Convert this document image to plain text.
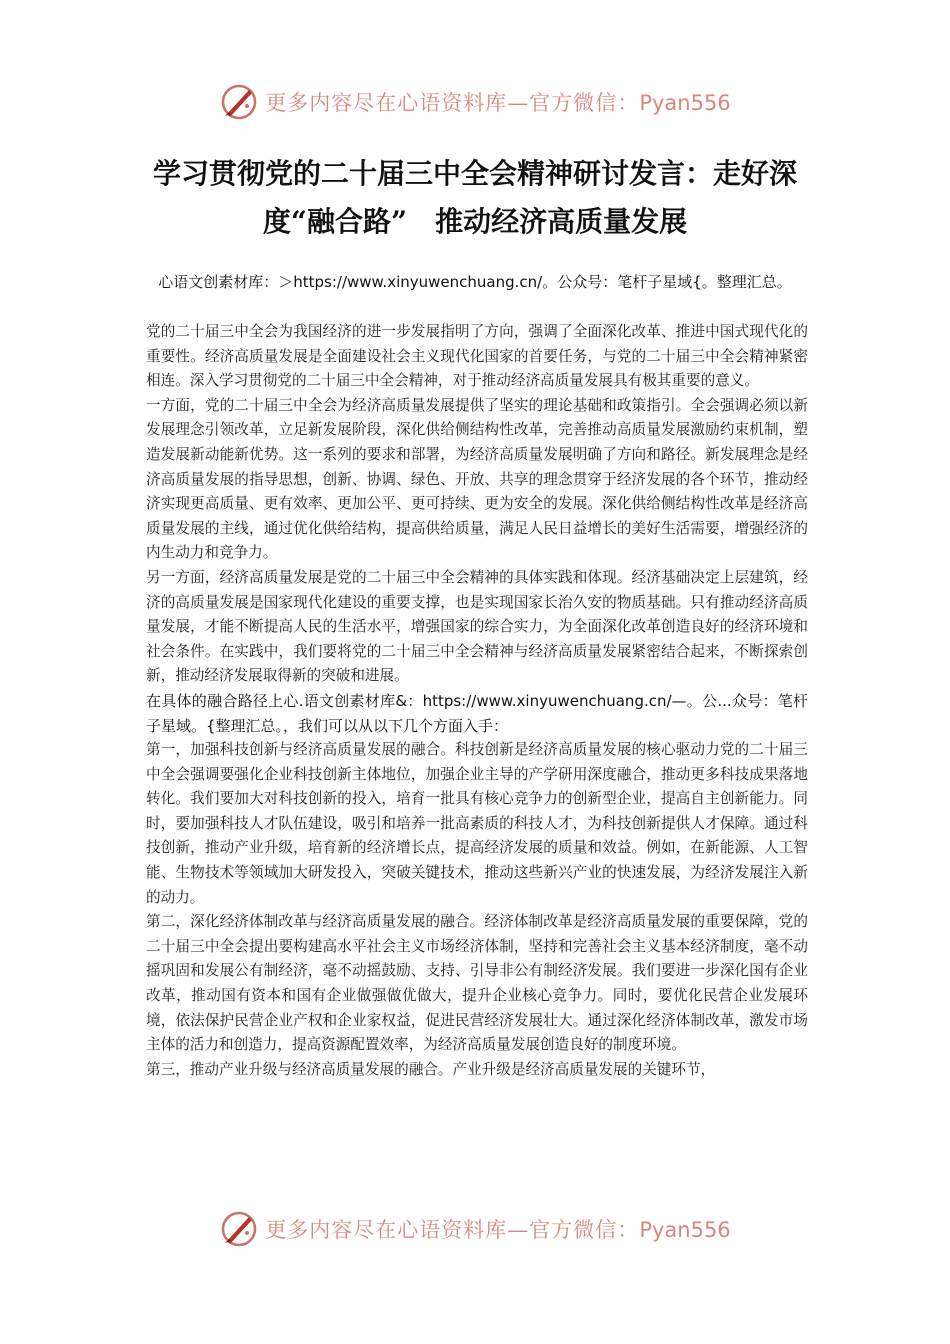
更多内容尽在心语资料库—官方微信：Pyan556
学习贯彻党的二十届三中全会精神研讨发言：走好深度“融合路”　推动经济高质量发展
心语文创素材库：＞https://www.xinyuwenchuang.cn/。公众号：笔杆子星域{。整理汇总。

党的二十届三中全会为我国经济的进一步发展指明了方向，强调了全面深化改革、推进中国式现代化的重要性。经济高质量发展是全面建设社会主义现代化国家的首要任务，与党的二十届三中全会精神紧密相连。深入学习贯彻党的二十届三中全会精神，对于推动经济高质量发展具有极其重要的意义。

一方面，党的二十届三中全会为经济高质量发展提供了坚实的理论基础和政策指引。全会强调必须以新发展理念引领改革，立足新发展阶段，深化供给侧结构性改革，完善推动高质量发展激励约束机制，塑造发展新动能新优势。这一系列的要求和部署，为经济高质量发展明确了方向和路径。新发展理念是经济高质量发展的指导思想，创新、协调、绿色、开放、共享的理念贯穿于经济发展的各个环节，推动经济实现更高质量、更有效率、更加公平、更可持续、更为安全的发展。深化供给侧结构性改革是经济高质量发展的主线，通过优化供给结构，提高供给质量，满足人民日益增长的美好生活需要，增强经济的内生动力和竞争力。

另一方面，经济高质量发展是党的二十届三中全会精神的具体实践和体现。经济基础决定上层建筑，经济的高质量发展是国家现代化建设的重要支撑，也是实现国家长治久安的物质基础。只有推动经济高质量发展，才能不断提高人民的生活水平，增强国家的综合实力，为全面深化改革创造良好的经济环境和社会条件。在实践中，我们要将党的二十届三中全会精神与经济高质量发展紧密结合起来，不断探索创新，推动经济发展取得新的突破和进展。

在具体的融合路径上心.语文创素材库&：https://www.xinyuwenchuang.cn/—。公...众号：笔杆子星域。{整理汇总。，我们可以从以下几个方面入手：

第一，加强科技创新与经济高质量发展的融合。科技创新是经济高质量发展的核心驱动力党的二十届三中全会强调要强化企业科技创新主体地位，加强企业主导的产学研用深度融合，推动更多科技成果落地转化。我们要加大对科技创新的投入，培育一批具有核心竞争力的创新型企业，提高自主创新能力。同时，要加强科技人才队伍建设，吸引和培养一批高素质的科技人才，为科技创新提供人才保障。通过科技创新，推动产业升级，培育新的经济增长点，提高经济发展的质量和效益。例如，在新能源、人工智能、生物技术等领域加大研发投入，突破关键技术，推动这些新兴产业的快速发展，为经济发展注入新的动力。

第二，深化经济体制改革与经济高质量发展的融合。经济体制改革是经济高质量发展的重要保障，党的二十届三中全会提出要构建高水平社会主义市场经济体制，坚持和完善社会主义基本经济制度，毫不动摇巩固和发展公有制经济，毫不动摇鼓励、支持、引导非公有制经济发展。我们要进一步深化国有企业改革，推动国有资本和国有企业做强做优做大，提升企业核心竞争力。同时，要优化民营企业发展环境，依法保护民营企业产权和企业家权益，促进民营经济发展壮大。通过深化经济体制改革，激发市场主体的活力和创造力，提高资源配置效率，为经济高质量发展创造良好的制度环境。

第三，推动产业升级与经济高质量发展的融合。产业升级是经济高质量发展的关键环节，

更多内容尽在心语资料库—官方微信：Pyan556
